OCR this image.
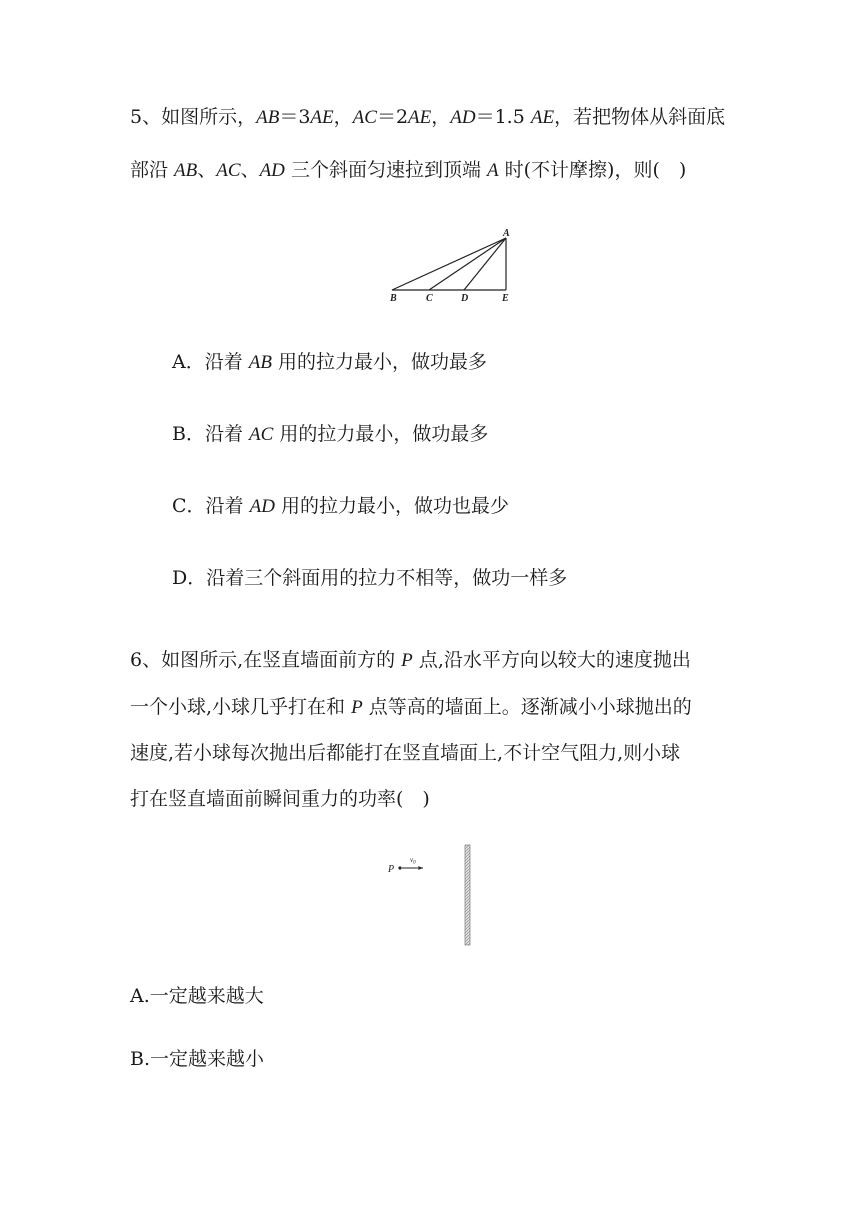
5、如图所示，AB＝3AE，AC＝2AE，AD＝1.5 AE，若把物体从斜面底
部沿 AB、AC、AD 三个斜面匀速拉到顶端 A 时(不计摩擦)，则(　)
A
B	C	D	E
A．沿着 AB 用的拉力最小，做功最多
B．沿着 AC 用的拉力最小，做功最多
C．沿着 AD 用的拉力最小，做功也最少
D．沿着三个斜面用的拉力不相等，做功一样多
6、如图所示,在竖直墙面前方的 P 点,沿水平方向以较大的速度抛出
一个小球,小球几乎打在和 P 点等高的墙面上。逐渐减小小球抛出的
速度,若小球每次抛出后都能打在竖直墙面上,不计空气阻力,则小球
打在竖直墙面前瞬间重力的功率(　)
P
$v_0$
A.一定越来越大
B.一定越来越小
